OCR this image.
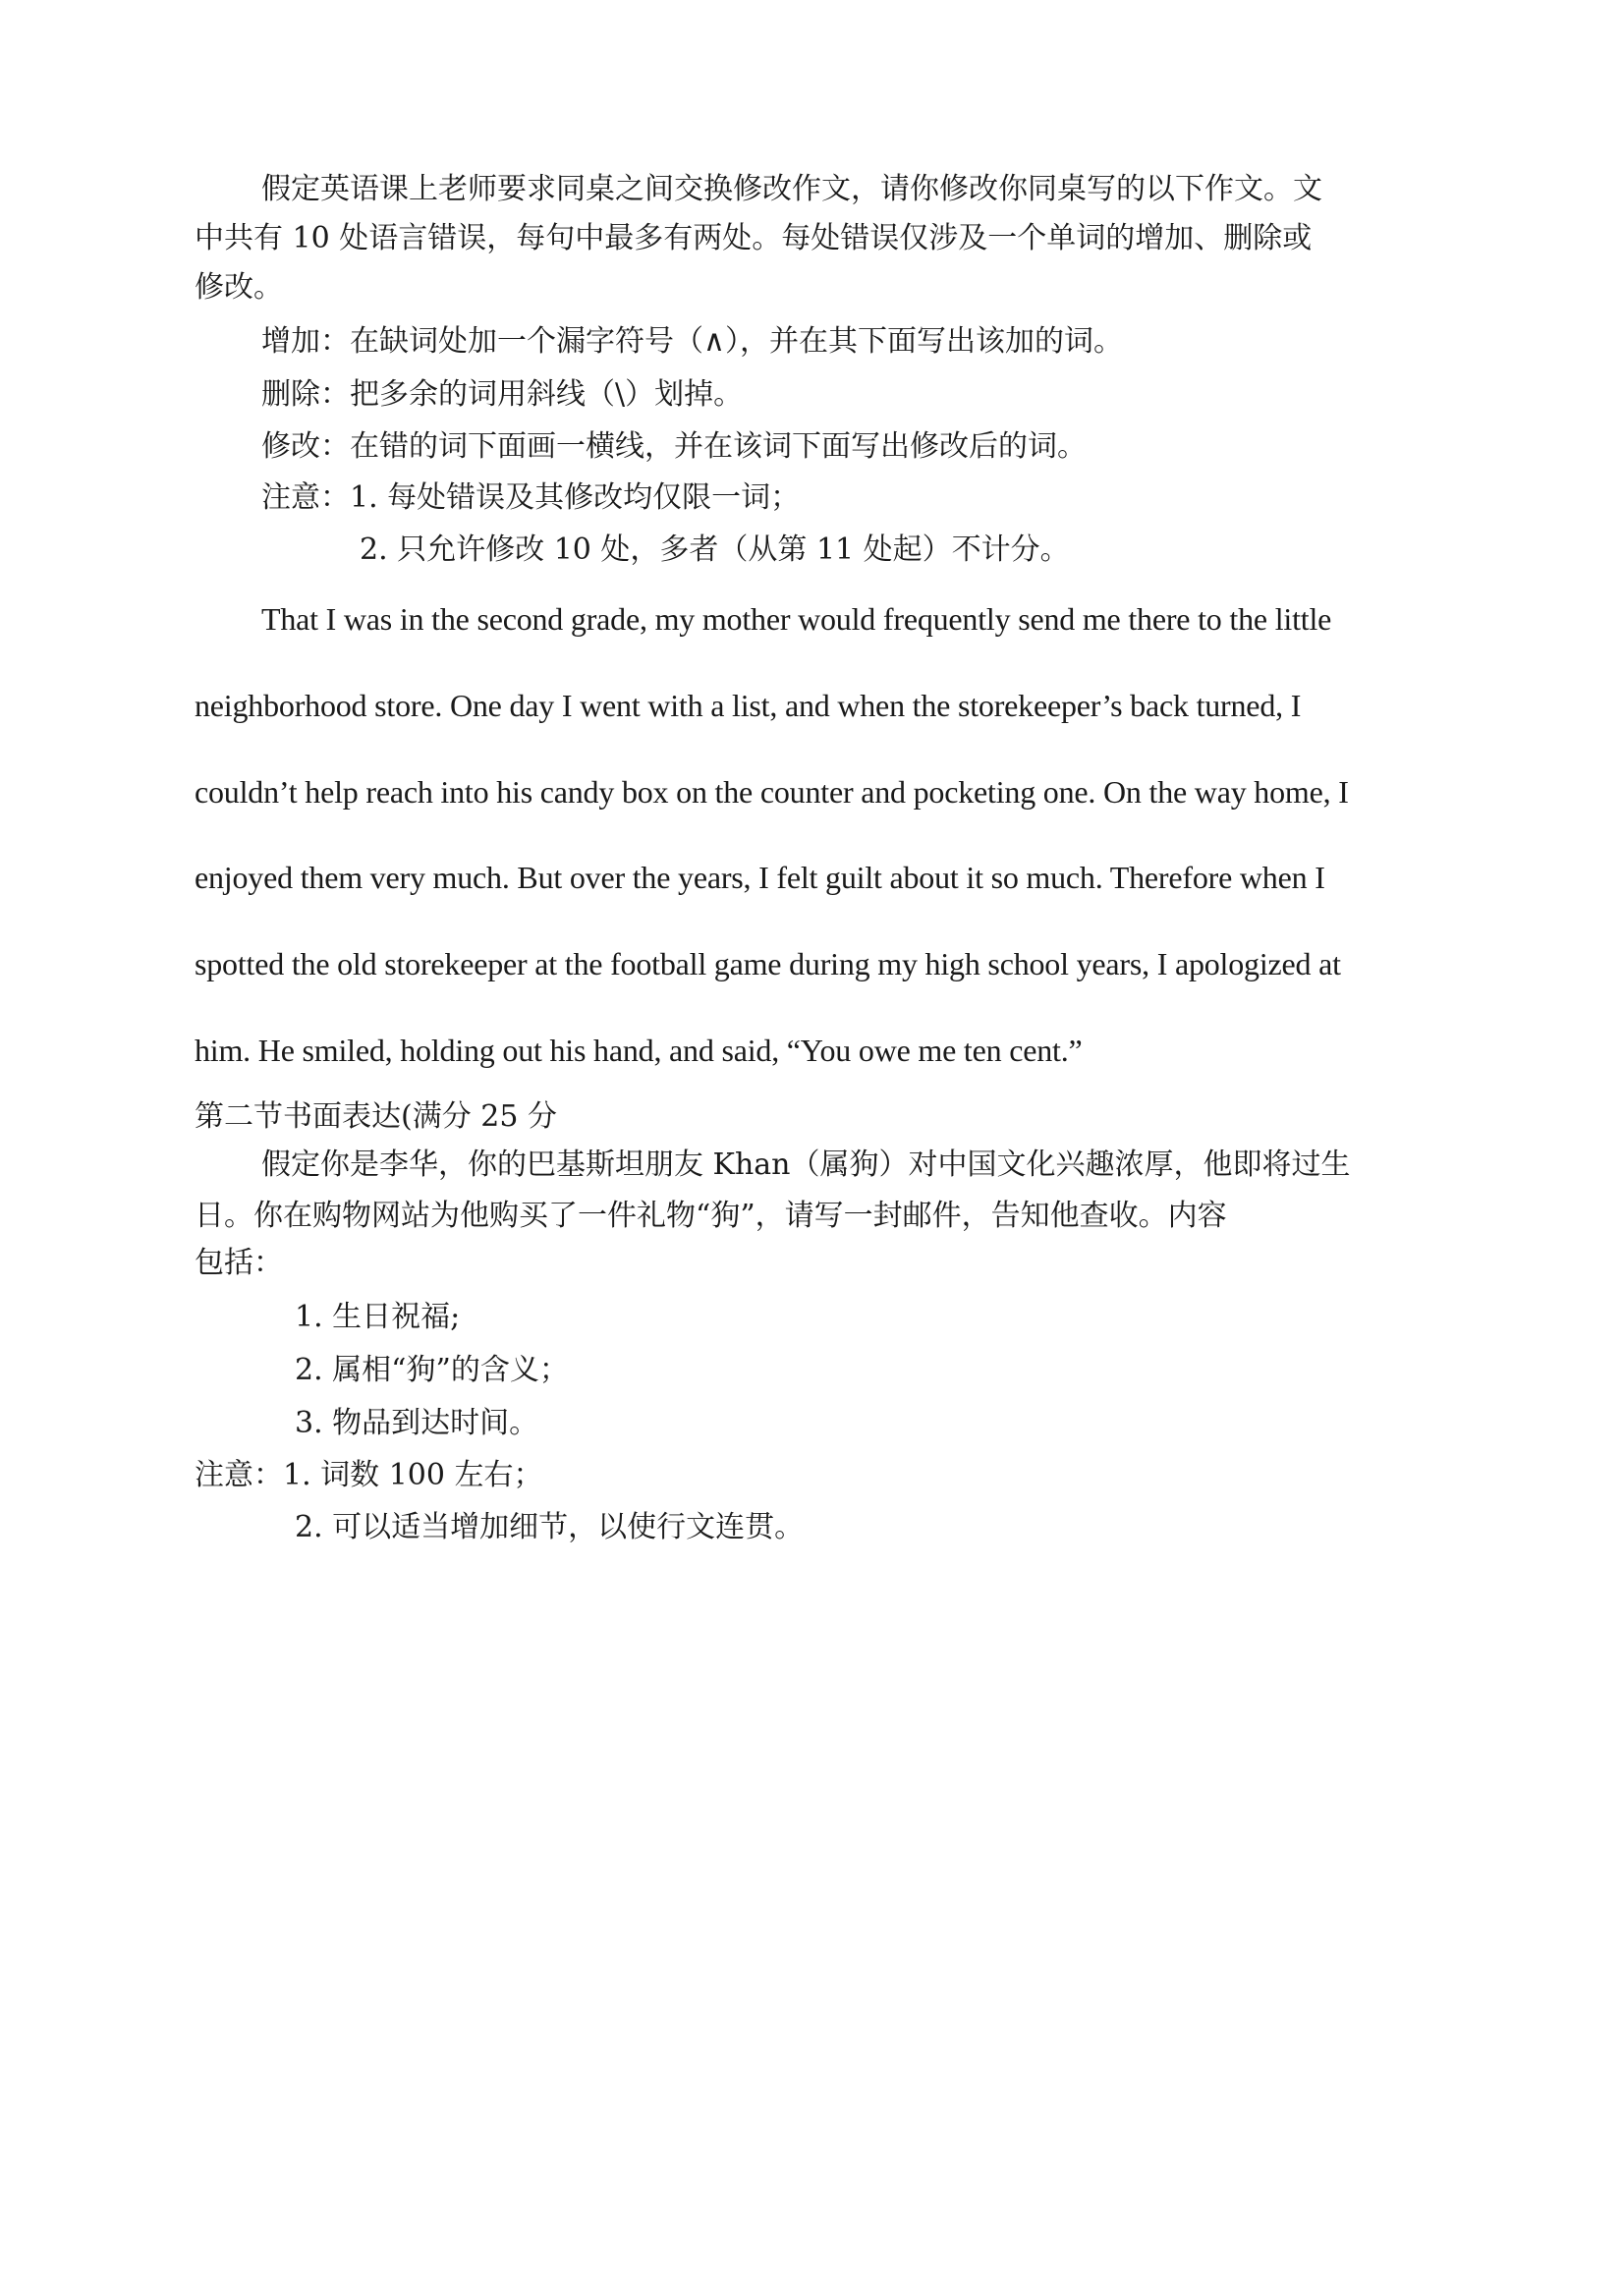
假定英语课上老师要求同桌之间交换修改作文，请你修改你同桌写的以下作文。文
中共有 10 处语言错误，每句中最多有两处。每处错误仅涉及一个单词的增加、删除或
修改。
增加：在缺词处加一个漏字符号（∧），并在其下面写出该加的词。
删除：把多余的词用斜线（\）划掉。
修改：在错的词下面画一横线，并在该词下面写出修改后的词。
注意：1. 每处错误及其修改均仅限一词；
2. 只允许修改 10 处，多者（从第 11 处起）不计分。
That I was in the second grade, my mother would frequently send me there to the little
neighborhood store. One day I went with a list, and when the storekeeper’s back turned, I
couldn’t help reach into his candy box on the counter and pocketing one. On the way home, I
enjoyed them very much. But over the years, I felt guilt about it so much. Therefore when I
spotted the old storekeeper at the football game during my high school years, I apologized at
him. He smiled, holding out his hand, and said, “You owe me ten cent.”
第二节书面表达(满分 25 分
假定你是李华，你的巴基斯坦朋友 Khan（属狗）对中国文化兴趣浓厚，他即将过生
日。你在购物网站为他购买了一件礼物“狗”，请写一封邮件，告知他查收。内容
包括：
1. 生日祝福;
2. 属相“狗”的含义；
3. 物品到达时间。
注意：1. 词数 100 左右；
2. 可以适当增加细节，以使行文连贯。
